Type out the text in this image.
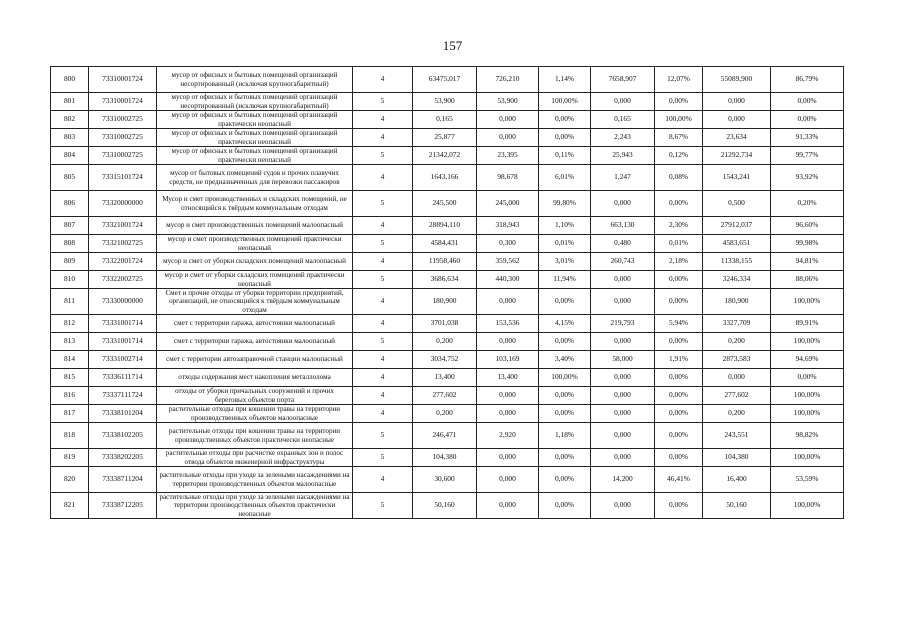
157
800	73310001724	мусор от офисных и бытовых помещений организаций несортированный (исключая крупногабаритный)	4	63475,017	726,210	1,14%	7658,907	12,07%	55089,900	86,79%
801	73310001724	мусор от офисных и бытовых помещений организаций несортированный (исключая крупногабаритный)	5	53,900	53,900	100,00%	0,000	0,00%	0,000	0,00%
802	73310002725	мусор от офисных и бытовых помещений организаций практически неопасный	4	0,165	0,000	0,00%	0,165	100,00%	0,000	0,00%
803	73310002725	мусор от офисных и бытовых помещений организаций практически неопасный	4	25,877	0,000	0,00%	2,243	8,67%	23,634	91,33%
804	73310002725	мусор от офисных и бытовых помещений организаций практически неопасный	5	21342,072	23,395	0,11%	25,943	0,12%	21292,734	99,77%
805	73315101724	мусор от бытовых помещений судов и прочих плавучих средств, не предназначенных для перевозки пассажиров	4	1643,166	98,678	6,01%	1,247	0,08%	1543,241	93,92%
806	73320000000	Мусор и смет производственных и складских помещений, не относящийся к твёрдым коммунальным отходам	5	245,500	245,000	99,80%	0,000	0,00%	0,500	0,20%
807	73321001724	мусор и смет производственных помещений малоопасный	4	28894,110	318,943	1,10%	663,130	2,30%	27912,037	96,60%
808	73321002725	мусор и смет производственных помещений практически неопасный	5	4584,431	0,300	0,01%	0,480	0,01%	4583,651	99,98%
809	73322001724	мусор и смет от уборки складских помещений малоопасный	4	11958,460	359,562	3,01%	260,743	2,18%	11338,155	94,81%
810	73322002725	мусор и смет от уборки складских помещений практически неопасный	5	3686,634	440,300	11,94%	0,000	0,00%	3246,334	88,06%
811	73330000000	Смет и прочие отходы от уборки территории предприятий, организаций, не относящийся к твёрдым коммунальным отходам	4	180,900	0,000	0,00%	0,000	0,00%	180,900	100,00%
812	73331001714	смет с территории гаража, автостоянки малоопасный	4	3701,038	153,536	4,15%	219,793	5,94%	3327,709	89,91%
813	73331001714	смет с территории гаража, автостоянки малоопасный	5	0,200	0,000	0,00%	0,000	0,00%	0,200	100,00%
814	73331002714	смет с территории автозаправочной станции малоопасный	4	3034,752	103,169	3,40%	58,000	1,91%	2873,583	94,69%
815	73336111714	отходы содержания мест накопления металлолома	4	13,400	13,400	100,00%	0,000	0,00%	0,000	0,00%
816	73337111724	отходы от уборки причальных сооружений и прочих береговых объектов порта	4	277,602	0,000	0,00%	0,000	0,00%	277,602	100,00%
817	73338101204	растительные отходы при кошении травы на территории производственных объектов малоопасные	4	0,200	0,000	0,00%	0,000	0,00%	0,200	100,00%
818	73338102205	растительные отходы при кошении травы на территории производственных объектов практически неопасные	5	246,471	2,920	1,18%	0,000	0,00%	243,551	98,82%
819	73338202205	растительные отходы при расчистке охранных зон и полос отвода объектов инженерной инфраструктуры	5	104,380	0,000	0,00%	0,000	0,00%	104,380	100,00%
820	73338711204	растительные отходы при уходе за зелеными насаждениями на территории производственных объектов малоопасные	4	30,600	0,000	0,00%	14,200	46,41%	16,400	53,59%
821	73338712205	растительные отходы при уходе за зелеными насаждениями на территории производственных объектов практически неопасные	5	50,160	0,000	0,00%	0,000	0,00%	50,160	100,00%
